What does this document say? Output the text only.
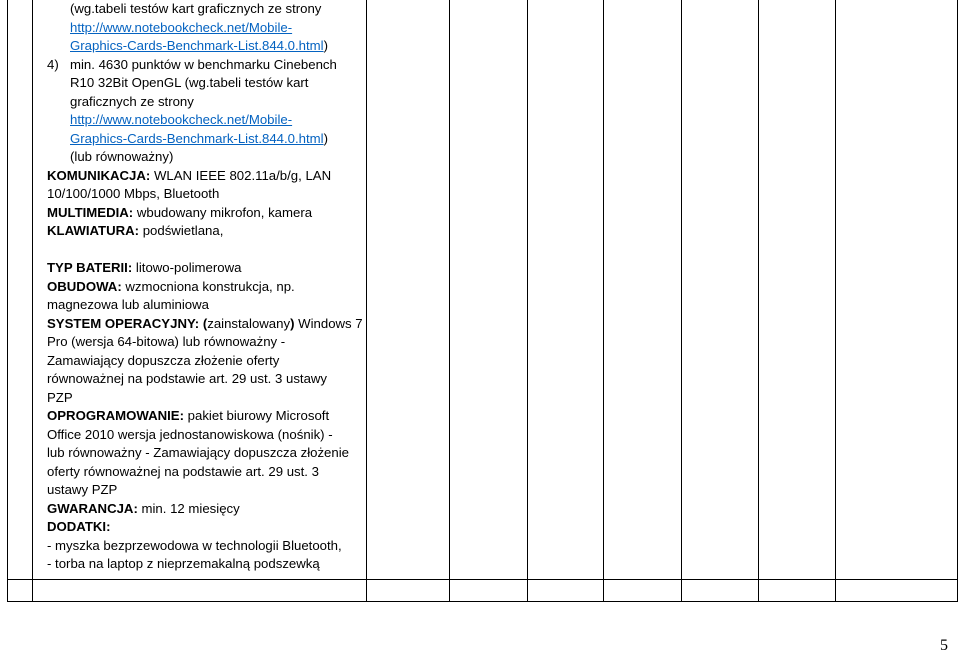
(wg.tabeli testów kart graficznych ze strony
http://www.notebookcheck.net/Mobile-
Graphics-Cards-Benchmark-List.844.0.html)
4) min. 4630 punktów w benchmarku Cinebench
R10 32Bit OpenGL (wg.tabeli testów kart
graficznych ze strony
http://www.notebookcheck.net/Mobile-
Graphics-Cards-Benchmark-List.844.0.html)
(lub równoważny)
KOMUNIKACJA: WLAN IEEE 802.11a/b/g, LAN
10/100/1000 Mbps, Bluetooth
MULTIMEDIA: wbudowany mikrofon, kamera
KLAWIATURA: podświetlana,
TYP BATERII: litowo-polimerowa
OBUDOWA: wzmocniona konstrukcja, np.
magnezowa lub aluminiowa
SYSTEM OPERACYJNY: (zainstalowany) Windows 7
Pro (wersja 64-bitowa) lub równoważny -
Zamawiający dopuszcza złożenie oferty
równoważnej na podstawie art. 29 ust. 3 ustawy
PZP
OPROGRAMOWANIE: pakiet biurowy Microsoft
Office 2010 wersja jednostanowiskowa (nośnik) -
lub równoważny - Zamawiający dopuszcza złożenie
oferty równoważnej na podstawie art. 29 ust. 3
ustawy PZP
GWARANCJA: min. 12 miesięcy
DODATKI:
- myszka bezprzewodowa w technologii Bluetooth,
- torba na laptop z nieprzemakalną podszewką
5
